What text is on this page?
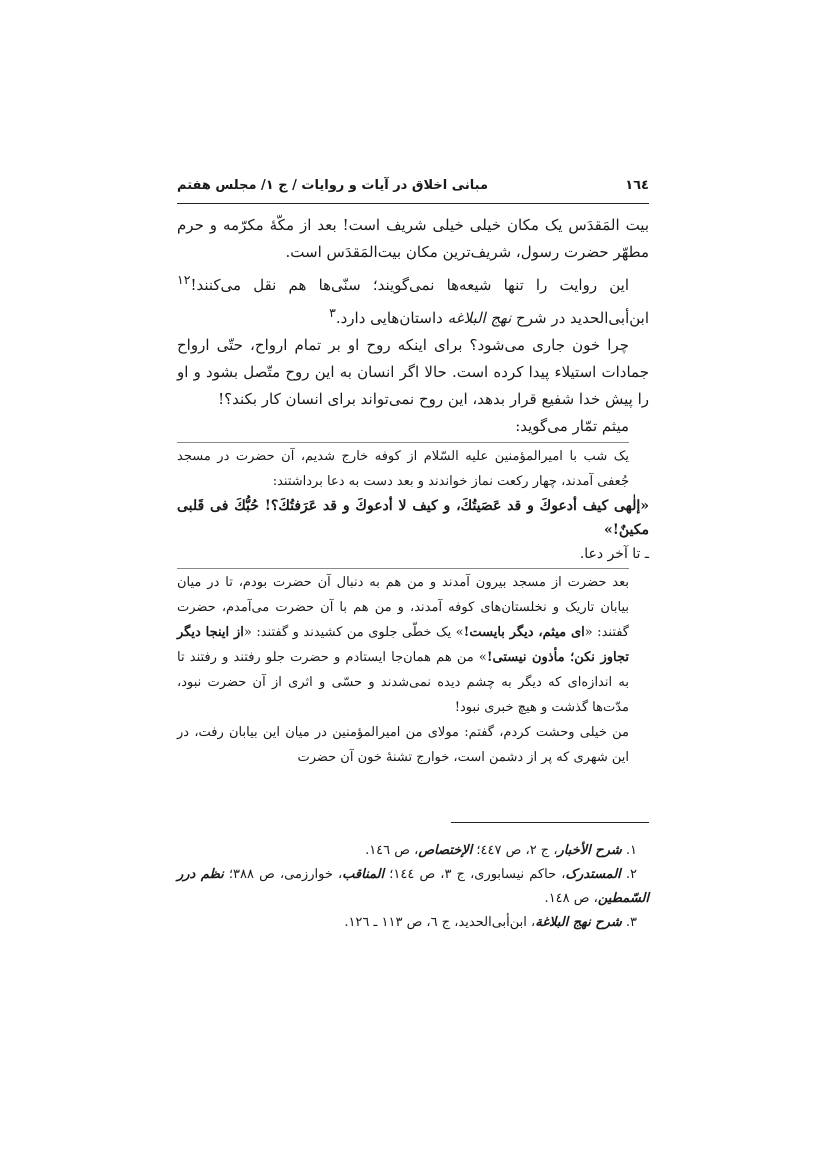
١٦٤
مبانى اخلاق در آيات و روايات / ج ١/ مجلس هفتم

بيت المَقدَس يک مکان خيلی خيلی شريف است! بعد از مکّهٔ مکرّمه و حرم مطهّر حضرت رسول، شريف‌ترين مکان بيت‌المَقدَس است.

اين روايت را تنها شيعه‌ها نمی‌گويند؛ سنّی‌ها هم نقل می‌کنند!$^{١٢}$ ابن‌أبی‌الحديد در شرح نهج البلاغه داستان‌هايی دارد.$^٣$

چرا خون جاری می‌شود؟ برای اينکه روح او بر تمام ارواح، حتّی ارواح جمادات استيلاء پيدا کرده است. حالا اگر انسان به اين روح متّصل بشود و او را پيش خدا شفيع قرار بدهد، اين روح نمی‌تواند برای انسان کار بکند؟!

ميثم تمّار می‌گويد:

يک شب با اميرالمؤمنين عليه السّلام از کوفه خارج شديم، آن حضرت در مسجد جُعفی آمدند، چهار رکعت نماز خواندند و بعد دست به دعا برداشتند:
«إلٰهی كيف أدعوكَ و قد عَصَيتُكَ، و كيف لا أدعوكَ و قد عَرَفتُكَ؟! حُبُّكَ فی قَلبی مكينٌ!»
ـ تا آخر دعا.
بعد حضرت از مسجد بيرون آمدند و من هم به دنبال آن حضرت بودم، تا در ميان بيابان تاريک و نخلستان‌های کوفه آمدند، و من هم با آن حضرت می‌آمدم، حضرت گفتند: «ای ميثم، ديگر بايست!» يک خطّی جلوی من کشيدند و گفتند: «از اينجا ديگر تجاوز نکن؛ مأذون نيستی!» من هم همان‌جا ايستادم و حضرت جلو رفتند و رفتند تا به اندازه‌ای که ديگر به چشم ديده نمی‌شدند و حسّی و اثری از آن حضرت نبود، مدّت‌ها گذشت و هيچ خبری نبود!
من خيلی وحشت کردم، گفتم: مولای من اميرالمؤمنين در ميان اين بيابان رفت، در اين شهری که پر از دشمن است، خوارج تشنهٔ خون آن حضرت

١. شرح الأخبار، ج ٢، ص ٤٤٧؛ الإختصاص، ص ١٤٦.

٢. المستدرک، حاکم نيسابوری، ج ٣، ص ١٤٤؛ المناقب، خوارزمی، ص ٣٨٨؛ نظم درر السّمطين، ص ١٤٨.

٣. شرح نهج البلاغة، ابن‌أبی‌الحديد، ج ٦، ص ١١٣ ـ ١٢٦.
